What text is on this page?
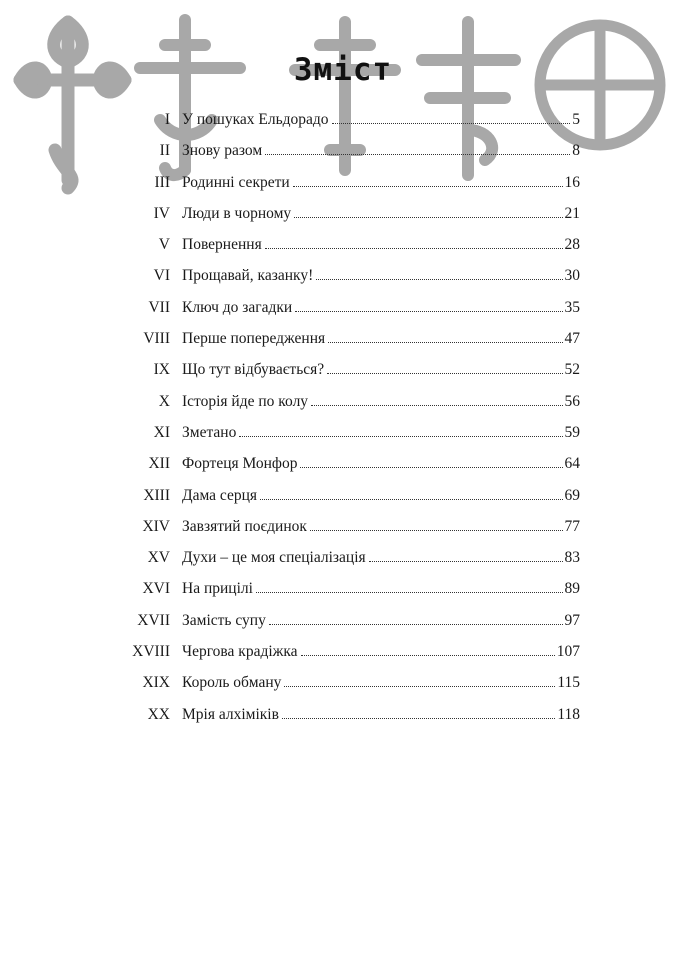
Зміст
I У пошуках Ельдорадо	5
II Знову разом	8
III Родинні секрети	16
IV Люди в чорному	21
V Повернення	28
VI Прощавай, казанку!	30
VII Ключ до загадки	35
VIII Перше попередження	47
IX Що тут відбувається?	52
X Історія йде по колу	56
XI Зметано	59
XII Фортеця Монфор	64
XIII Дама серця	69
XIV Завзятий поєдинок	77
XV Духи – це моя спеціалізація	83
XVI На прицілі	89
XVII Замість супу	97
XVIII Чергова крадіжка	107
XIX Король обману	115
XX Мрія алхіміків	118
